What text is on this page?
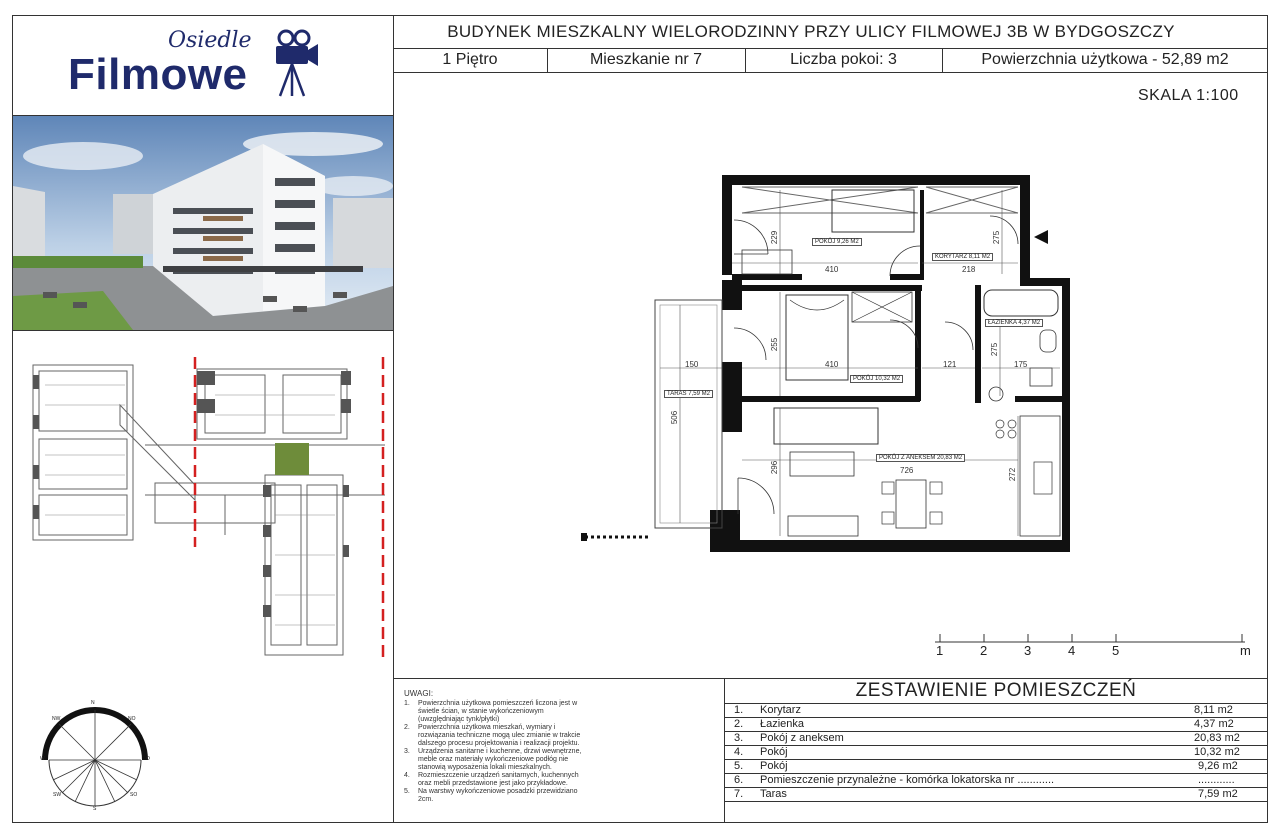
Osiedle
Filmowe
BUDYNEK MIESZKALNY WIELORODZINNY PRZY ULICY FILMOWEJ 3B W BYDGOSZCZY
1 Piętro	Mieszkanie nr 7	Liczba pokoi: 3	Powierzchnia użytkowa - 52,89 m2
SKALA 1:100
POKÓJ 9,26 M2
KORYTARZ 8,11 M2
ŁAZIENKA 4,37 M2
POKÓJ 10,32 M2
TARAS 7,59 M2
POKÓJ Z ANEKSEM 20,83 M2
410	218
150	410	121	175
726
229	275
255	275
506
296
272
1	2	3	4	5	m
N
NO
O
SO
S
SW
W
NW
UWAGI:
1.	Powierzchnia użytkowa pomieszczeń liczona jest w świetle ścian, w stanie wykończeniowym (uwzględniając tynk/płytki)
2.	Powierzchnia użytkowa mieszkań, wymiary i rozwiązania techniczne mogą ulec zmianie w trakcie dalszego procesu projektowania i realizacji projektu.
3.	Urządzenia sanitarne i kuchenne, drzwi wewnętrzne, meble oraz materiały wykończeniowe podłóg nie stanowią wyposażenia lokali mieszkalnych.
4.	Rozmieszczenie urządzeń sanitarnych, kuchennych oraz mebli przedstawione jest jako przykładowe.
5.	Na warstwy wykończeniowe posadzki przewidziano 2cm.
ZESTAWIENIE POMIESZCZEŃ
1. Korytarz	8,11 m2
2. Łazienka	4,37 m2
3. Pokój z aneksem	20,83 m2
4. Pokój	10,32 m2
5. Pokój	9,26 m2
6. Pomieszczenie przynależne - komórka lokatorska nr ............	............
7. Taras	7,59 m2
